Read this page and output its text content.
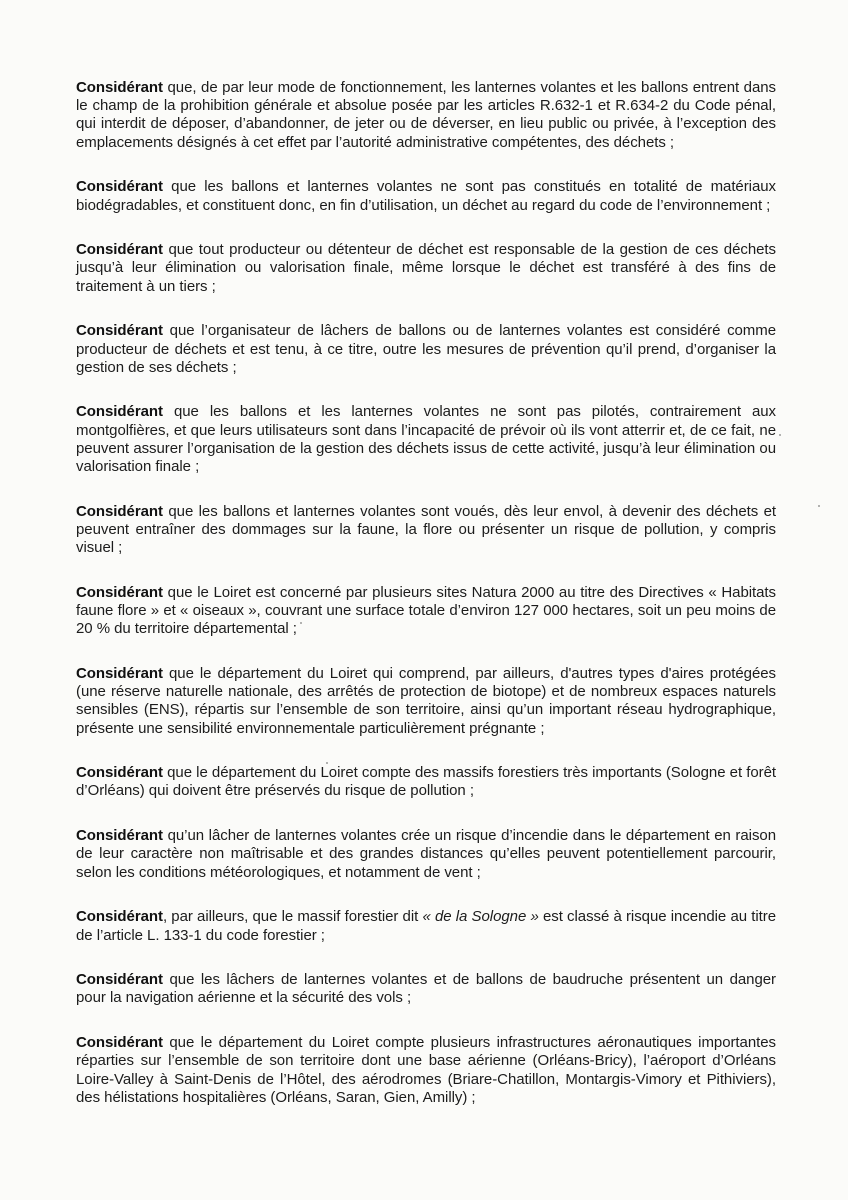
Considérant que, de par leur mode de fonctionnement, les lanternes volantes et les ballons entrent dans le champ de la prohibition générale et absolue posée par les articles R.632-1 et R.634-2 du Code pénal, qui interdit de déposer, d’abandonner, de jeter ou de déverser, en lieu public ou privée, à l’exception des emplacements désignés à cet effet par l’autorité administrative compétentes, des déchets ;

Considérant que les ballons et lanternes volantes ne sont pas constitués en totalité de matériaux biodégradables, et constituent donc, en fin d’utilisation, un déchet au regard du code de l’environnement ;

Considérant que tout producteur ou détenteur de déchet est responsable de la gestion de ces déchets jusqu’à leur élimination ou valorisation finale, même lorsque le déchet est transféré à des fins de traitement à un tiers ;

Considérant que l’organisateur de lâchers de ballons ou de lanternes volantes est considéré comme producteur de déchets et est tenu, à ce titre, outre les mesures de prévention qu’il prend, d’organiser la gestion de ses déchets ;

Considérant que les ballons et les lanternes volantes ne sont pas pilotés, contrairement aux montgolfières, et que leurs utilisateurs sont dans l’incapacité de prévoir où ils vont atterrir et, de ce fait, ne peuvent assurer l’organisation de la gestion des déchets issus de cette activité, jusqu’à leur élimination ou valorisation finale ;

Considérant que les ballons et lanternes volantes sont voués, dès leur envol, à devenir des déchets et peuvent entraîner des dommages sur la faune, la flore ou présenter un risque de pollution, y compris visuel ;

Considérant que le Loiret est concerné par plusieurs sites Natura 2000 au titre des Directives « Habitats faune flore » et « oiseaux », couvrant une surface totale d’environ 127 000 hectares, soit un peu moins de 20 % du territoire départemental ;

Considérant que le département du Loiret qui comprend, par ailleurs, d'autres types d'aires protégées (une réserve naturelle nationale, des arrêtés de protection de biotope) et de nombreux espaces naturels sensibles (ENS), répartis sur l’ensemble de son territoire, ainsi qu’un important réseau hydrographique, présente une sensibilité environnementale particulièrement prégnante ;

Considérant que le département du Loiret compte des massifs forestiers très importants (Sologne et forêt d’Orléans) qui doivent être préservés du risque de pollution ;

Considérant qu’un lâcher de lanternes volantes crée un risque d’incendie dans le département en raison de leur caractère non maîtrisable et des grandes distances qu’elles peuvent potentiellement parcourir, selon les conditions météorologiques, et notamment de vent ;

Considérant, par ailleurs, que le massif forestier dit « de la Sologne » est classé à risque incendie au titre de l’article L. 133-1 du code forestier ;

Considérant que les lâchers de lanternes volantes et de ballons de baudruche présentent un danger pour la navigation aérienne et la sécurité des vols ;

Considérant que le département du Loiret compte plusieurs infrastructures aéronautiques importantes réparties sur l’ensemble de son territoire dont une base aérienne (Orléans-Bricy), l’aéroport d’Orléans Loire-Valley à Saint-Denis de l’Hôtel, des aérodromes (Briare-Chatillon, Montargis-Vimory et Pithiviers), des hélistations hospitalières (Orléans, Saran, Gien, Amilly) ;
